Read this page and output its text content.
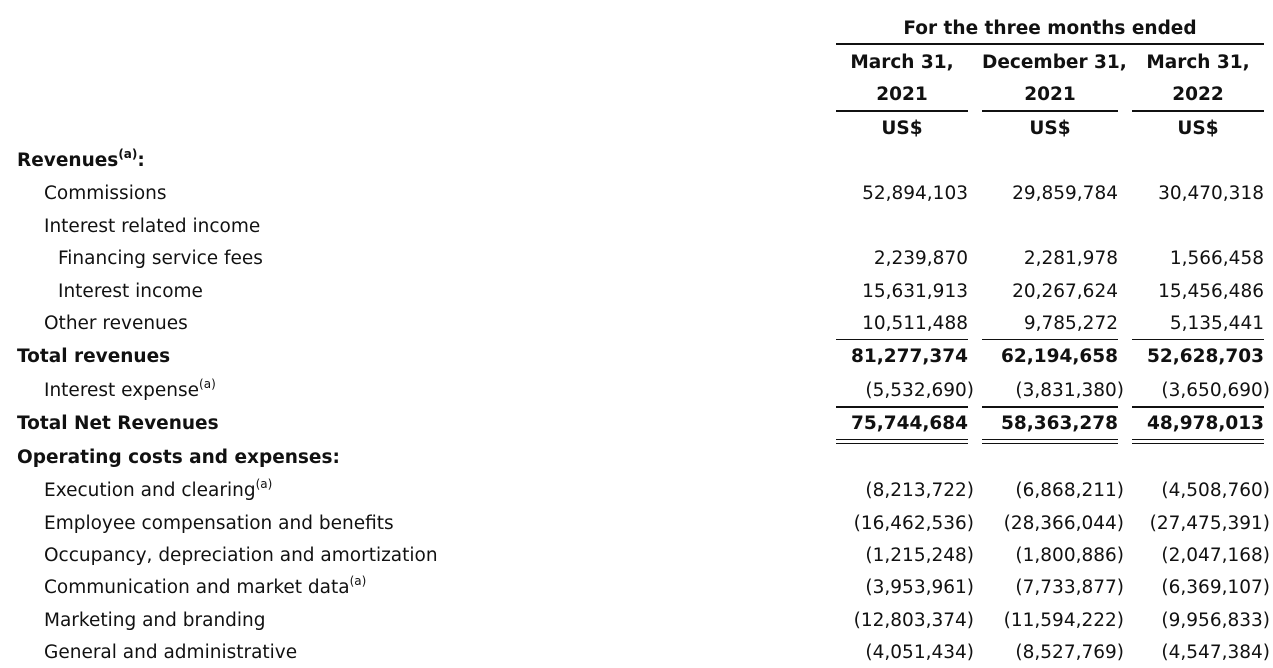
For the three months ended
March 31,	December 31,	March 31,
2021	2021	2022
US$	US$	US$
Revenues$^{(a)}$:
Commissions	52,894,103	29,859,784	30,470,318
Interest related income
Financing service fees	2,239,870	2,281,978	1,566,458
Interest income	15,631,913	20,267,624	15,456,486
Other revenues	10,511,488	9,785,272	5,135,441
Total revenues	81,277,374	62,194,658	52,628,703
Interest expense$^{(a)}$	(5,532,690)	(3,831,380)	(3,650,690)
Total Net Revenues	75,744,684	58,363,278	48,978,013
Operating costs and expenses:
Execution and clearing$^{(a)}$	(8,213,722)	(6,868,211)	(4,508,760)
Employee compensation and benefits	(16,462,536)	(28,366,044)	(27,475,391)
Occupancy, depreciation and amortization	(1,215,248)	(1,800,886)	(2,047,168)
Communication and market data$^{(a)}$	(3,953,961)	(7,733,877)	(6,369,107)
Marketing and branding	(12,803,374)	(11,594,222)	(9,956,833)
General and administrative	(4,051,434)	(8,527,769)	(4,547,384)
